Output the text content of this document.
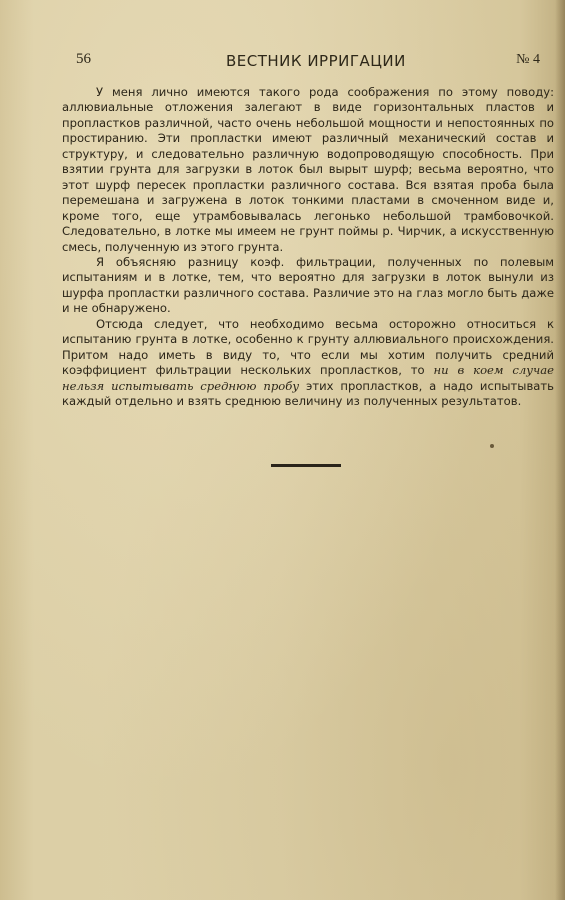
56	ВЕСТНИК ИРРИГАЦИИ	№ 4

У меня лично имеются такого рода соображения по этому поводу: аллювиальные отложения залегают в виде горизонтальных пластов и пропластков различной, часто очень небольшой мощности и непостоянных по простиранию. Эти пропластки имеют различный механический состав и структуру, и следовательно различную водопроводящую способность. При взятии грунта для загрузки в лоток был вырыт шурф; весьма вероятно, что этот шурф пересек пропластки различного состава. Вся взятая проба была перемешана и загружена в лоток тонкими пластами в смоченном виде и, кроме того, еще утрамбовывалась легонько небольшой трамбовочкой. Следовательно, в лотке мы имеем не грунт поймы р. Чирчик, а искусственную смесь, полученную из этого грунта.

Я объясняю разницу коэф. фильтрации, полученных по полевым испытаниям и в лотке, тем, что вероятно для загрузки в лоток вынули из шурфа пропластки различного состава. Различие это на глаз могло быть даже и не обнаружено.

Отсюда следует, что необходимо весьма осторожно относиться к испытанию грунта в лотке, особенно к грунту аллювиального происхождения. Притом надо иметь в виду то, что если мы хотим получить средний коэффициент фильтрации нескольких пропластков, то ни в коем случае нельзя испытывать среднюю пробу этих пропластков, а надо испытывать каждый отдельно и взять среднюю величину из полученных результатов.
